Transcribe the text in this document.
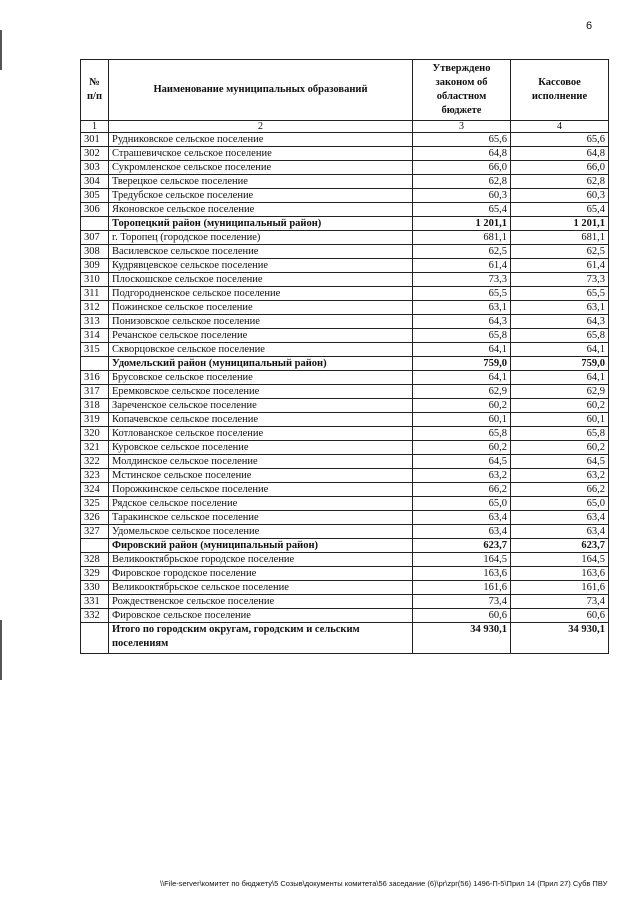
6
№ п/п	Наименование муниципальных образований	Утверждено законом об областном бюджете	Кассовое исполнение
1	2	3	4
301	Рудниковское сельское поселение	65,6	65,6
302	Страшевичское сельское поселение	64,8	64,8
303	Сукромленское сельское поселение	66,0	66,0
304	Тверецкое сельское поселение	62,8	62,8
305	Тредубское сельское поселение	60,3	60,3
306	Яконовское сельское поселение	65,4	65,4
	Торопецкий район (муниципальный район)	1 201,1	1 201,1
307	г. Торопец (городское поселение)	681,1	681,1
308	Василевское сельское поселение	62,5	62,5
309	Кудрявцевское сельское поселение	61,4	61,4
310	Плоскошское сельское поселение	73,3	73,3
311	Подгородненское сельское поселение	65,5	65,5
312	Пожинское сельское поселение	63,1	63,1
313	Понизовское сельское поселение	64,3	64,3
314	Речанское сельское поселение	65,8	65,8
315	Скворцовское сельское поселение	64,1	64,1
	Удомельский район (муниципальный район)	759,0	759,0
316	Брусовское сельское поселение	64,1	64,1
317	Еремковское сельское поселение	62,9	62,9
318	Зареченское сельское поселение	60,2	60,2
319	Копачевское сельское поселение	60,1	60,1
320	Котлованское сельское поселение	65,8	65,8
321	Куровское сельское поселение	60,2	60,2
322	Молдинское сельское поселение	64,5	64,5
323	Мстинское сельское поселение	63,2	63,2
324	Порожкинское сельское поселение	66,2	66,2
325	Рядское сельское поселение	65,0	65,0
326	Таракинское сельское поселение	63,4	63,4
327	Удомельское сельское поселение	63,4	63,4
	Фировский район (муниципальный район)	623,7	623,7
328	Великооктябрьское городское поселение	164,5	164,5
329	Фировское городское поселение	163,6	163,6
330	Великооктябрьское сельское поселение	161,6	161,6
331	Рождественское сельское поселение	73,4	73,4
332	Фировское сельское поселение	60,6	60,6
	Итого по городским округам, городским и сельским поселениям	34 930,1	34 930,1
\\File-server\комитет по бюджету\5 Созыв\документы комитета\56 заседание (6)\pr\zpr(56) 1496-П-5\Прил 14 (Прил 27) Субв ПВУ
